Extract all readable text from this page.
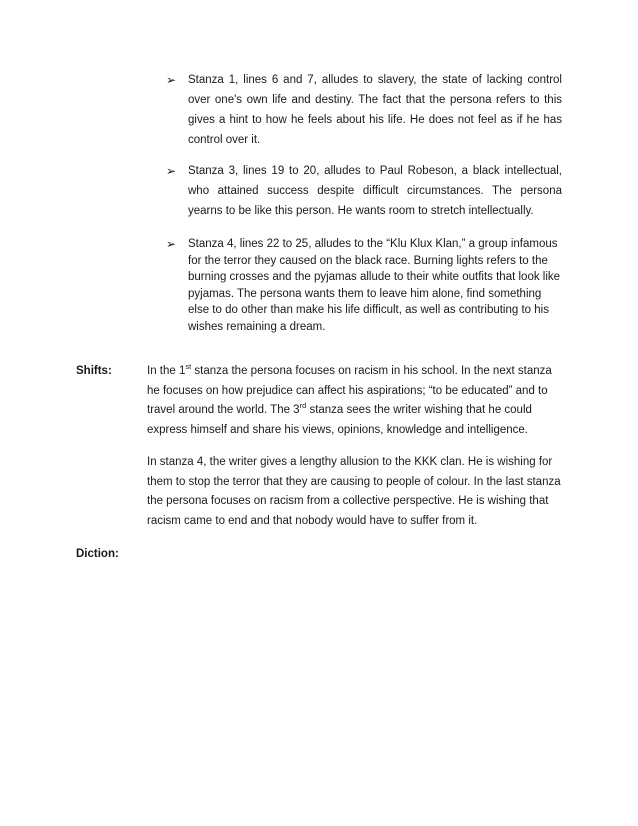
➢ Stanza 1, lines 6 and 7, alludes to slavery, the state of lacking control over one's own life and destiny. The fact that the persona refers to this gives a hint to how he feels about his life. He does not feel as if he has control over it.
➢ Stanza 3, lines 19 to 20, alludes to Paul Robeson, a black intellectual, who attained success despite difficult circumstances. The persona yearns to be like this person. He wants room to stretch intellectually.
➢ Stanza 4, lines 22 to 25, alludes to the “Klu Klux Klan,” a group infamous for the terror they caused on the black race. Burning lights refers to the burning crosses and the pyjamas allude to their white outfits that look like pyjamas. The persona wants them to leave him alone, find something else to do other than make his life difficult, as well as contributing to his wishes remaining a dream.
Shifts:	In the 1st stanza the persona focuses on racism in his school. In the next stanza he focuses on how prejudice can affect his aspirations; “to be educated” and to travel around the world. The 3rd stanza sees the writer wishing that he could express himself and share his views, opinions, knowledge and intelligence.

In stanza 4, the writer gives a lengthy allusion to the KKK clan. He is wishing for them to stop the terror that they are causing to people of colour. In the last stanza the persona focuses on racism from a collective perspective. He is wishing that racism came to end and that nobody would have to suffer from it.

Diction:
